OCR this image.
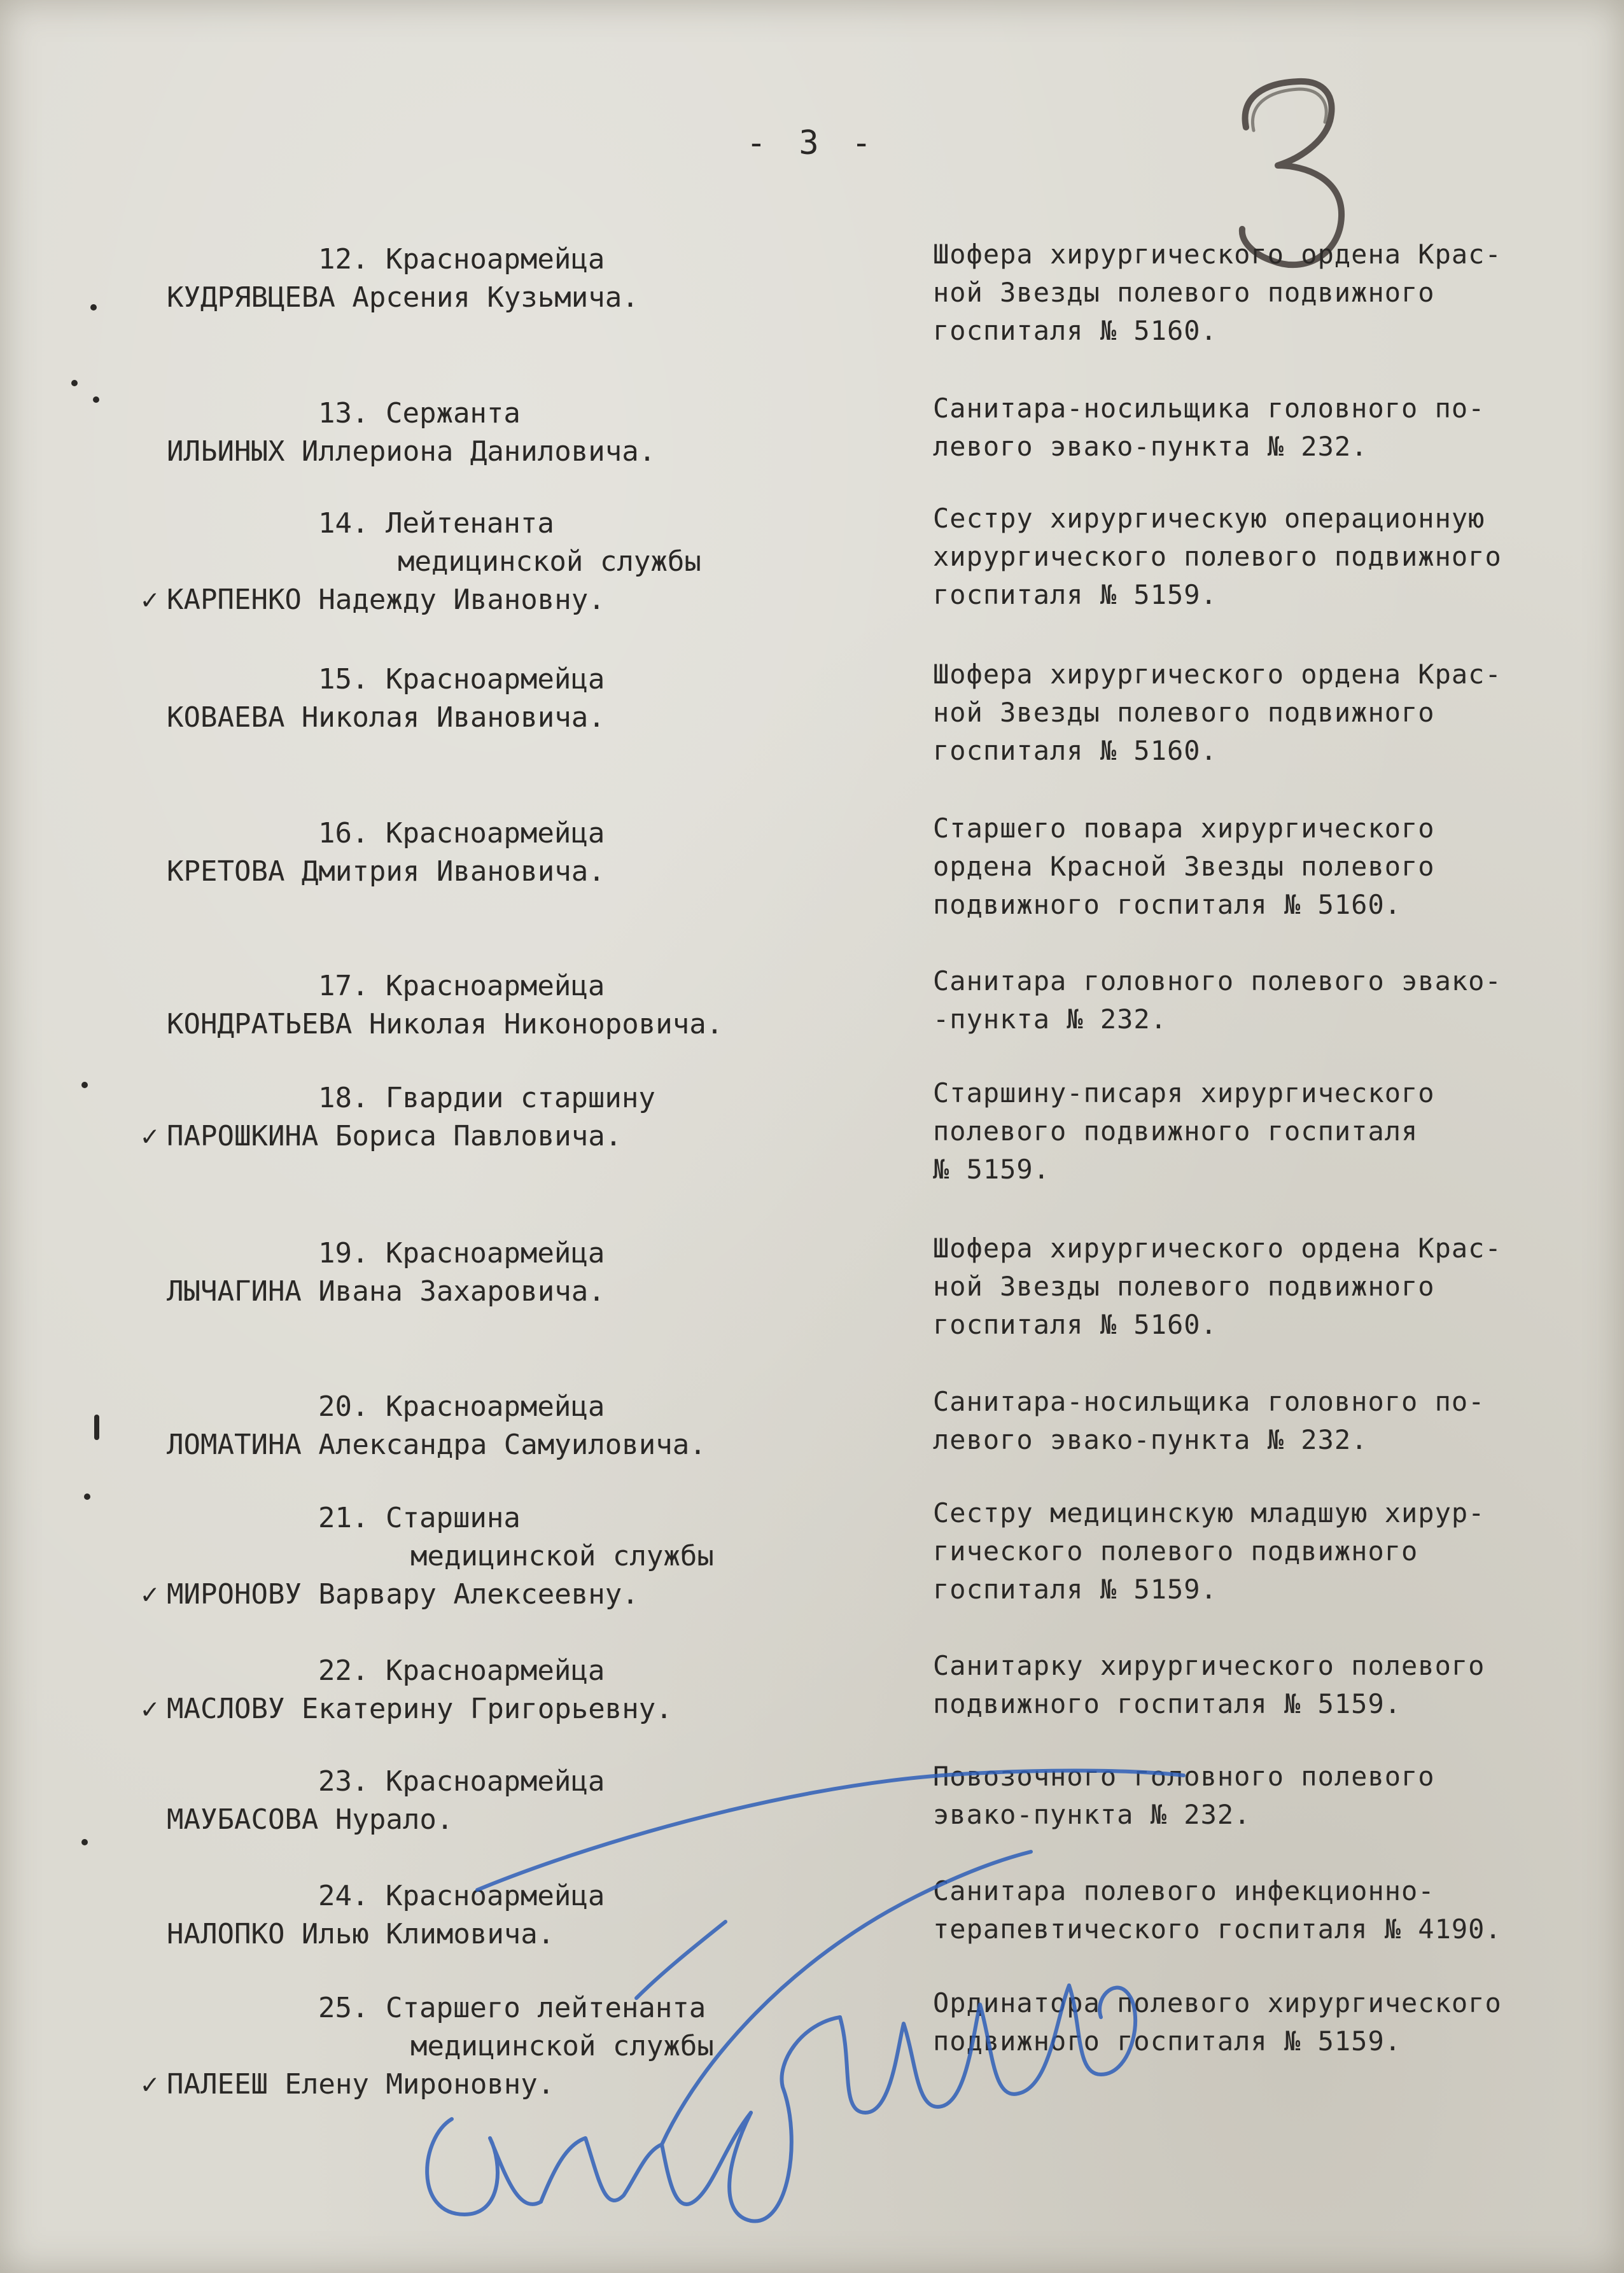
- 3 -
12. Красноармейца
КУДРЯВЦЕВА Арсения Кузьмича.
Шофера хирургического ордена Крас-
ной Звезды полевого подвижного
госпиталя № 5160.
13. Сержанта
ИЛЬИНЫХ Иллериона Даниловича.
Санитара-носильщика головного по-
левого эвако-пункта № 232.
14. Лейтенанта
медицинской службы
✓ КАРПЕНКО Надежду Ивановну.
Сестру хирургическую операционную
хирургического полевого подвижного
госпиталя № 5159.
15. Красноармейца
КОВАЕВА Николая Ивановича.
Шофера хирургического ордена Крас-
ной Звезды полевого подвижного
госпиталя № 5160.
16. Красноармейца
КРЕТОВА Дмитрия Ивановича.
Старшего повара хирургического
ордена Красной Звезды полевого
подвижного госпиталя № 5160.
17. Красноармейца
КОНДРАТЬЕВА Николая Никоноровича.
Санитара головного полевого эвако-
-пункта № 232.
18. Гвардии старшину
✓ ПАРОШКИНА Бориса Павловича.
Старшину-писаря хирургического
полевого подвижного госпиталя
№ 5159.
19. Красноармейца
ЛЫЧАГИНА Ивана Захаровича.
Шофера хирургического ордена Крас-
ной Звезды полевого подвижного
госпиталя № 5160.
20. Красноармейца
ЛОМАТИНА Александра Самуиловича.
Санитара-носильщика головного по-
левого эвако-пункта № 232.
21. Старшина
медицинской службы
✓ МИРОНОВУ Варвару Алексеевну.
Сестру медицинскую младшую хирур-
гического полевого подвижного
госпиталя № 5159.
22. Красноармейца
✓ МАСЛОВУ Екатерину Григорьевну.
Санитарку хирургического полевого
подвижного госпиталя № 5159.
23. Красноармейца
МАУБАСОВА Нурало.
Повозочного головного полевого
эвако-пункта № 232.
24. Красноармейца
НАЛОПКО Илью Климовича.
Санитара полевого инфекционно-
терапевтического госпиталя № 4190.
25. Старшего лейтенанта
медицинской службы
✓ ПАЛЕЕШ Елену Мироновну.
Ординатора полевого хирургического
подвижного госпиталя № 5159.
